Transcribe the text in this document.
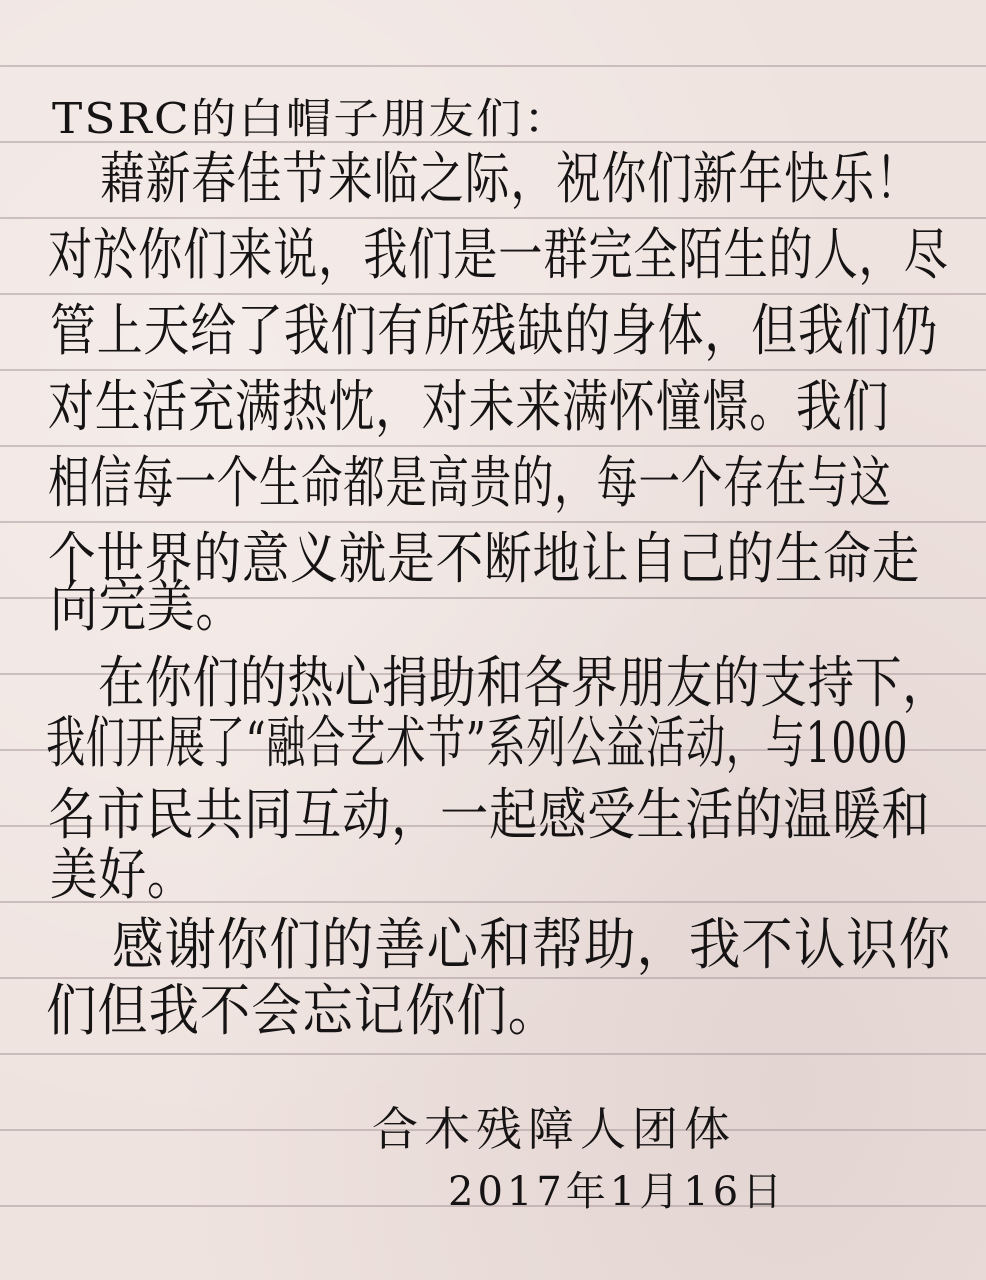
TSRC的白帽子朋友们：
藉新春佳节来临之际，祝你们新年快乐！
对於你们来说，我们是一群完全陌生的人，尽
管上天给了我们有所残缺的身体，但我们仍
对生活充满热忱，对未来满怀憧憬。我们
相信每一个生命都是高贵的，每一个存在与这
个世界的意义就是不断地让自己的生命走
向完美。
在你们的热心捐助和各界朋友的支持下，
我们开展了“融合艺术节”系列公益活动，与1000
名市民共同互动，一起感受生活的温暖和
美好。
感谢你们的善心和帮助，我不认识你
们但我不会忘记你们。
合木残障人团体
2017年1月16日
